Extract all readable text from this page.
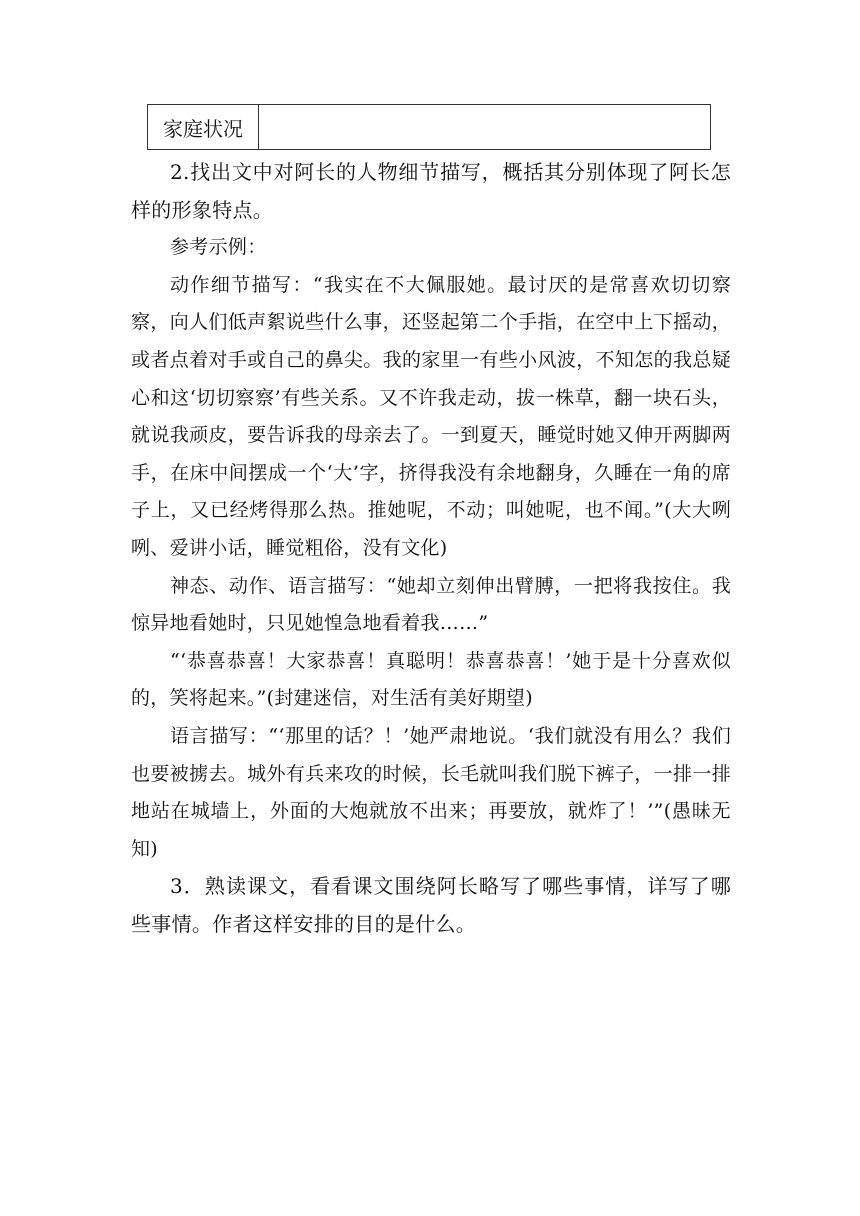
家庭状况	

2.找出文中对阿长的人物细节描写，概括其分别体现了阿长怎样的形象特点。

参考示例：

动作细节描写：“我实在不大佩服她。最讨厌的是常喜欢切切察察，向人们低声絮说些什么事，还竖起第二个手指，在空中上下摇动，或者点着对手或自己的鼻尖。我的家里一有些小风波，不知怎的我总疑心和这‘切切察察’有些关系。又不许我走动，拔一株草，翻一块石头，就说我顽皮，要告诉我的母亲去了。一到夏天，睡觉时她又伸开两脚两手，在床中间摆成一个‘大’字，挤得我没有余地翻身，久睡在一角的席子上，又已经烤得那么热。推她呢，不动；叫她呢，也不闻。”(大大咧咧、爱讲小话，睡觉粗俗，没有文化)

神态、动作、语言描写：“她却立刻伸出臂膊，一把将我按住。我惊异地看她时，只见她惶急地看着我……”

“‘恭喜恭喜！大家恭喜！真聪明！恭喜恭喜！’她于是十分喜欢似的，笑将起来。”(封建迷信，对生活有美好期望)

语言描写：“‘那里的话？！’她严肃地说。‘我们就没有用么？我们也要被掳去。城外有兵来攻的时候，长毛就叫我们脱下裤子，一排一排地站在城墙上，外面的大炮就放不出来；再要放，就炸了！’”(愚昧无知)

3．熟读课文，看看课文围绕阿长略写了哪些事情，详写了哪些事情。作者这样安排的目的是什么。
